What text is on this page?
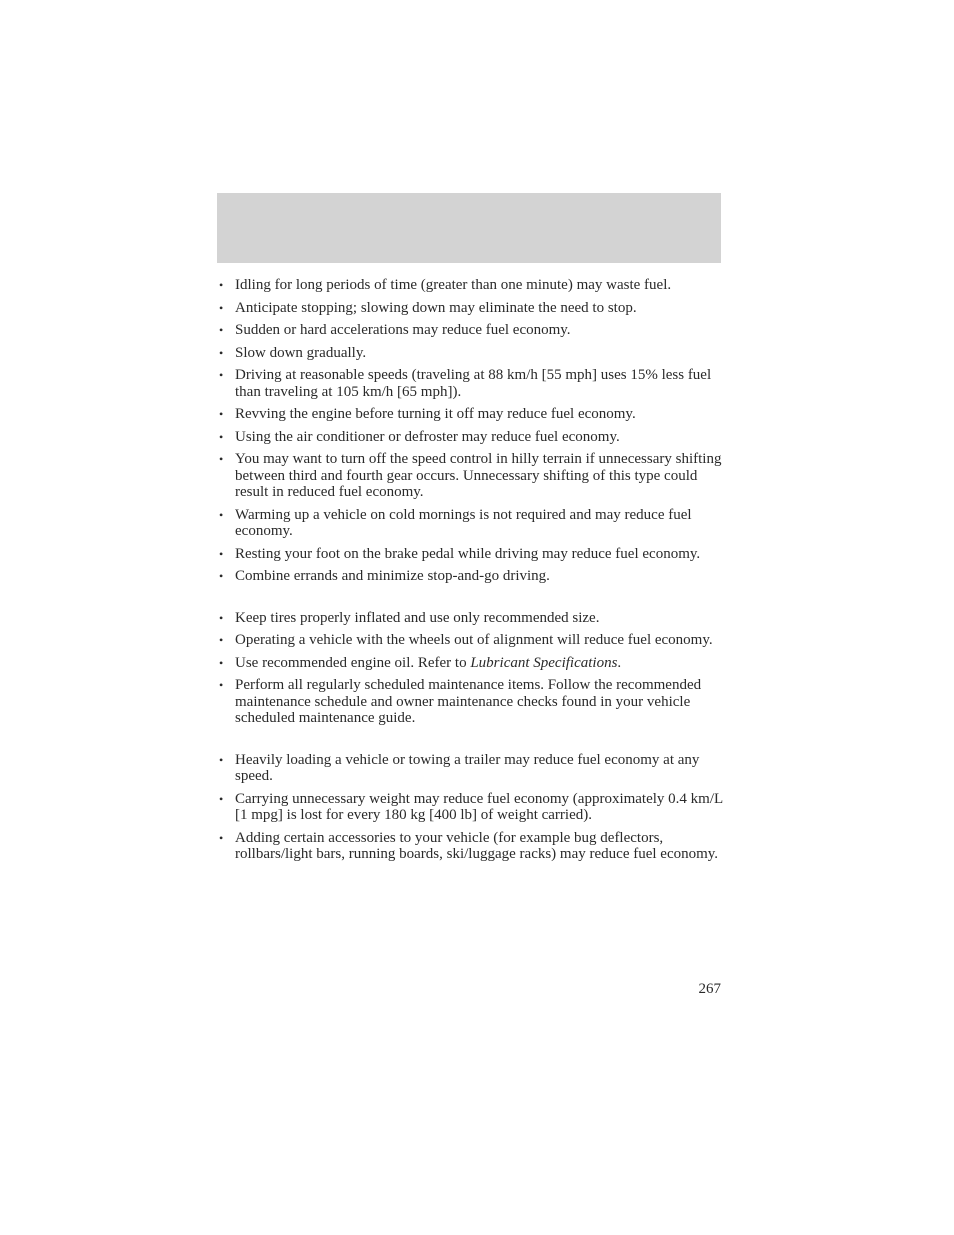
• Idling for long periods of time (greater than one minute) may waste fuel.
• Anticipate stopping; slowing down may eliminate the need to stop.
• Sudden or hard accelerations may reduce fuel economy.
• Slow down gradually.
• Driving at reasonable speeds (traveling at 88 km/h [55 mph] uses 15% less fuel than traveling at 105 km/h [65 mph]).
• Revving the engine before turning it off may reduce fuel economy.
• Using the air conditioner or defroster may reduce fuel economy.
• You may want to turn off the speed control in hilly terrain if unnecessary shifting between third and fourth gear occurs. Unnecessary shifting of this type could result in reduced fuel economy.
• Warming up a vehicle on cold mornings is not required and may reduce fuel economy.
• Resting your foot on the brake pedal while driving may reduce fuel economy.
• Combine errands and minimize stop-and-go driving.
• Keep tires properly inflated and use only recommended size.
• Operating a vehicle with the wheels out of alignment will reduce fuel economy.
• Use recommended engine oil. Refer to Lubricant Specifications.
• Perform all regularly scheduled maintenance items. Follow the recommended maintenance schedule and owner maintenance checks found in your vehicle scheduled maintenance guide.
• Heavily loading a vehicle or towing a trailer may reduce fuel economy at any speed.
• Carrying unnecessary weight may reduce fuel economy (approximately 0.4 km/L [1 mpg] is lost for every 180 kg [400 lb] of weight carried).
• Adding certain accessories to your vehicle (for example bug deflectors, rollbars/light bars, running boards, ski/luggage racks) may reduce fuel economy.
267
